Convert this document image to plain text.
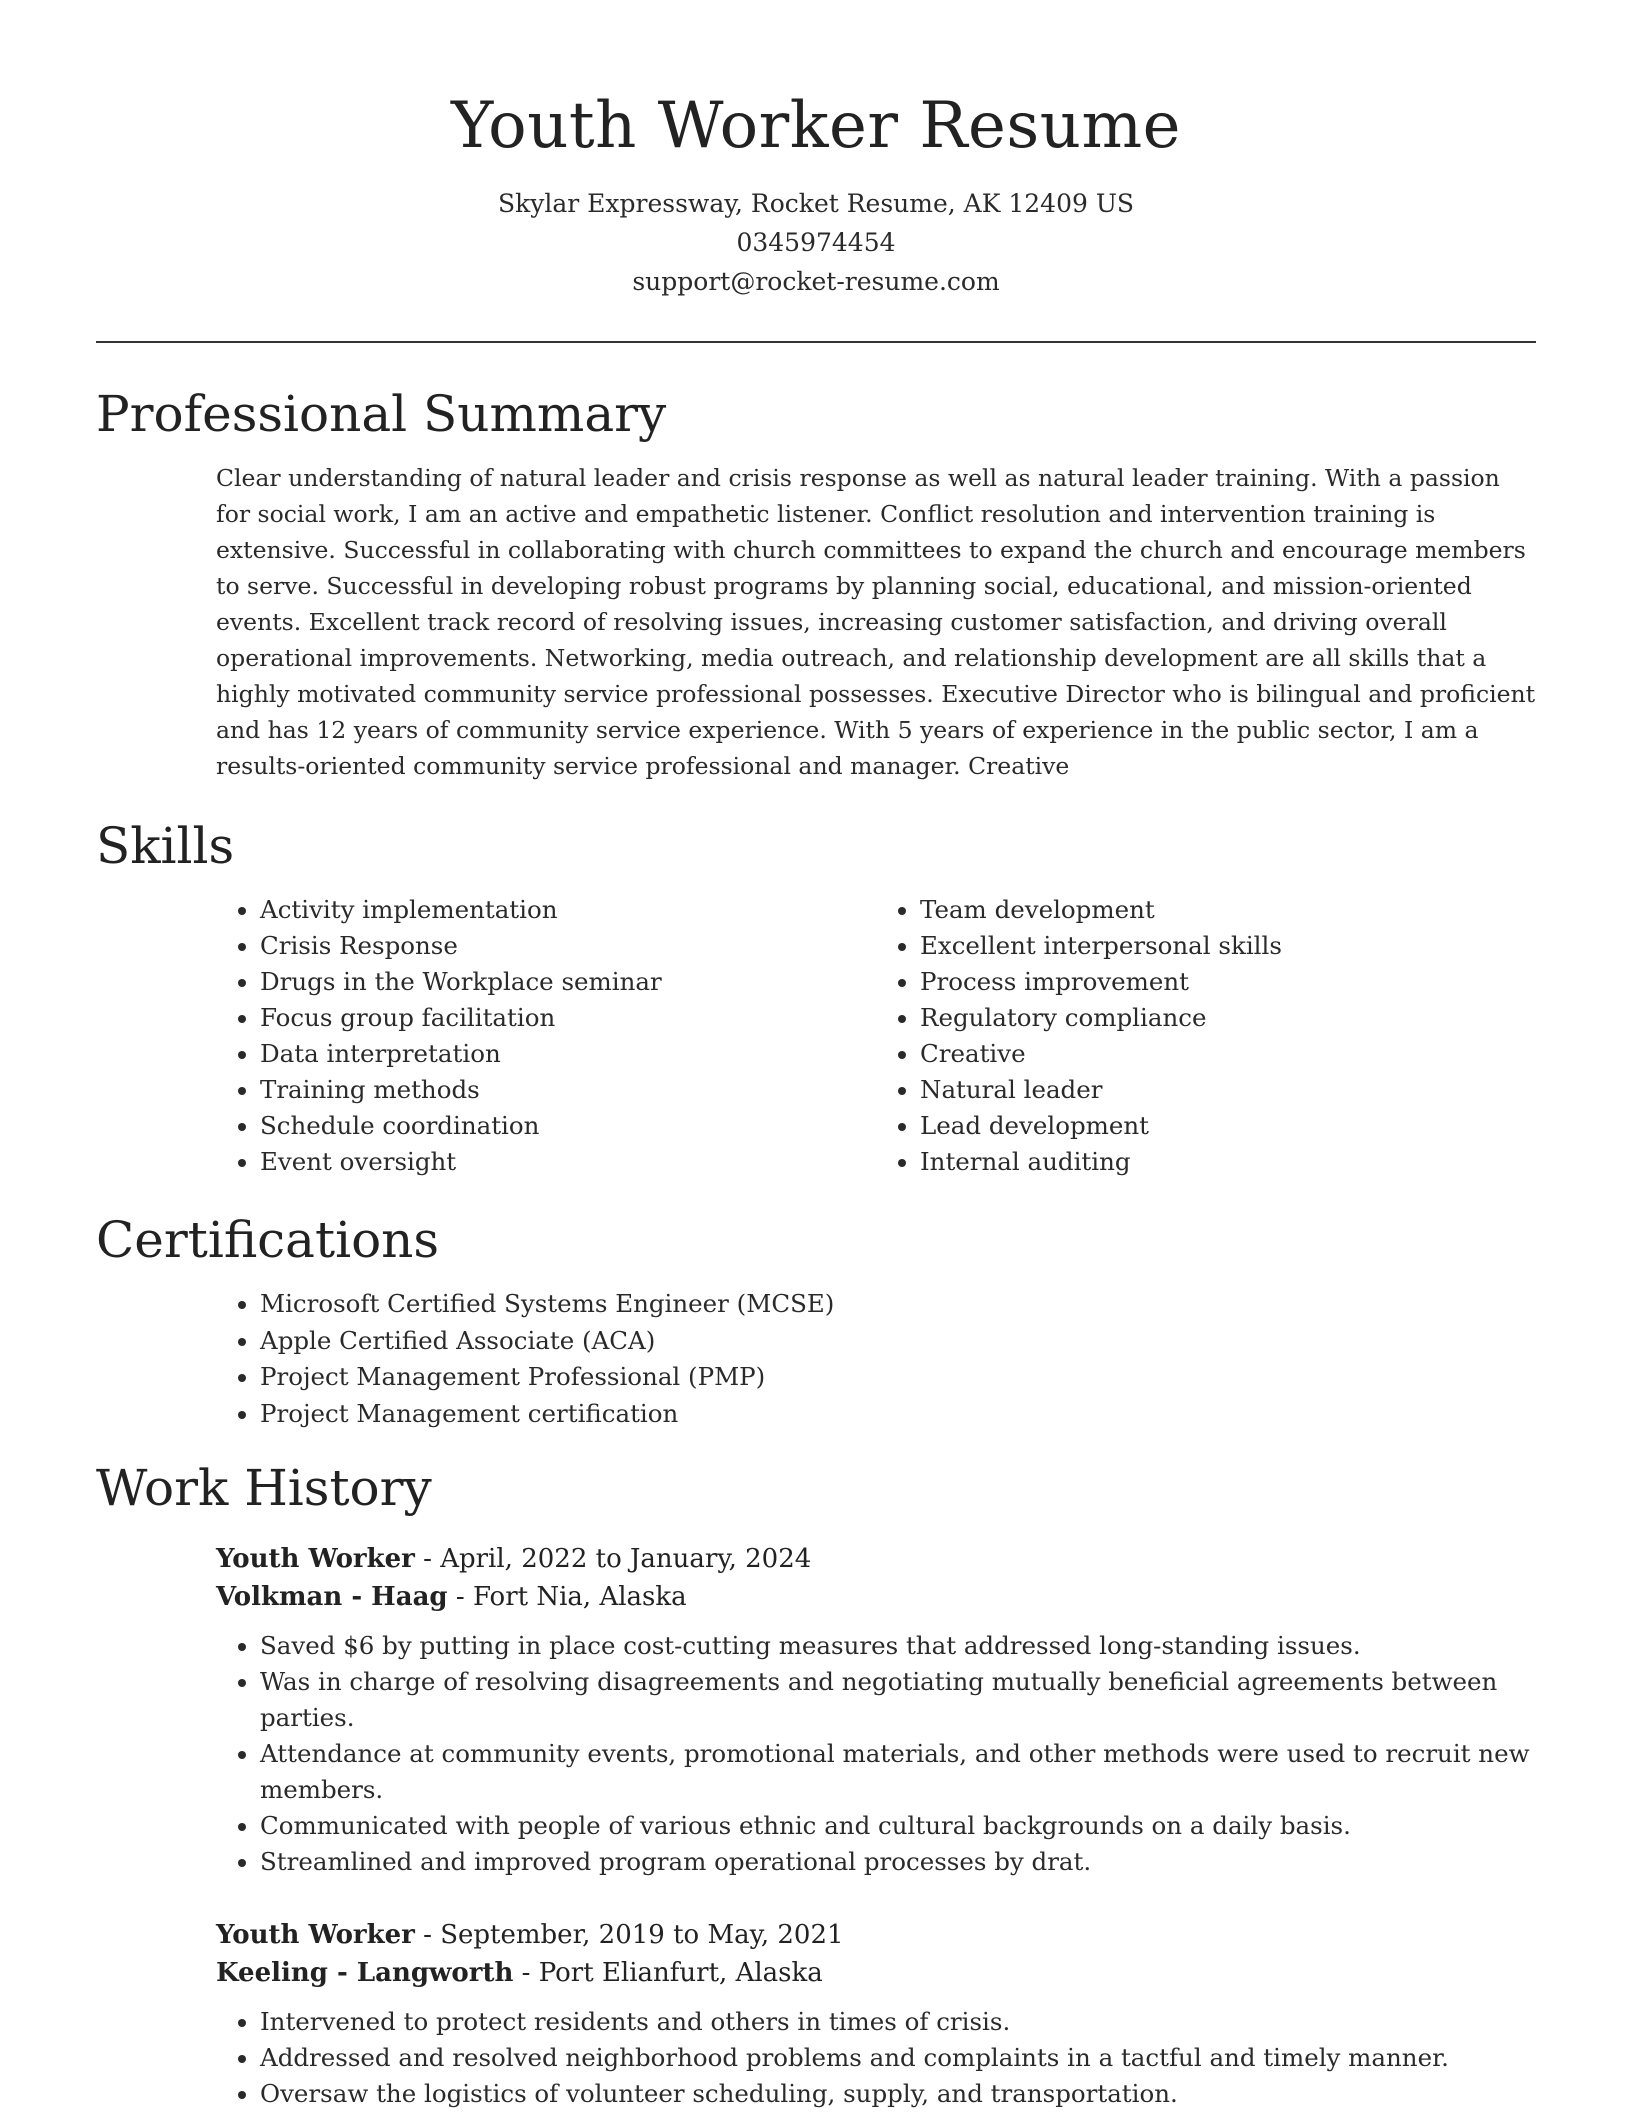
Youth Worker Resume
Skylar Expressway, Rocket Resume, AK 12409 US
0345974454
support@rocket-resume.com
Professional Summary
Clear understanding of natural leader and crisis response as well as natural leader training. With a passion for social work, I am an active and empathetic listener. Conflict resolution and intervention training is extensive. Successful in collaborating with church committees to expand the church and encourage members to serve. Successful in developing robust programs by planning social, educational, and mission-oriented events. Excellent track record of resolving issues, increasing customer satisfaction, and driving overall operational improvements. Networking, media outreach, and relationship development are all skills that a highly motivated community service professional possesses. Executive Director who is bilingual and proficient and has 12 years of community service experience. With 5 years of experience in the public sector, I am a results-oriented community service professional and manager. Creative
Skills
• Activity implementation
• Crisis Response
• Drugs in the Workplace seminar
• Focus group facilitation
• Data interpretation
• Training methods
• Schedule coordination
• Event oversight
• Team development
• Excellent interpersonal skills
• Process improvement
• Regulatory compliance
• Creative
• Natural leader
• Lead development
• Internal auditing
Certifications
• Microsoft Certified Systems Engineer (MCSE)
• Apple Certified Associate (ACA)
• Project Management Professional (PMP)
• Project Management certification
Work History
Youth Worker - April, 2022 to January, 2024
Volkman - Haag - Fort Nia, Alaska
• Saved $6 by putting in place cost-cutting measures that addressed long-standing issues.
• Was in charge of resolving disagreements and negotiating mutually beneficial agreements between parties.
• Attendance at community events, promotional materials, and other methods were used to recruit new members.
• Communicated with people of various ethnic and cultural backgrounds on a daily basis.
• Streamlined and improved program operational processes by drat.
Youth Worker - September, 2019 to May, 2021
Keeling - Langworth - Port Elianfurt, Alaska
• Intervened to protect residents and others in times of crisis.
• Addressed and resolved neighborhood problems and complaints in a tactful and timely manner.
• Oversaw the logistics of volunteer scheduling, supply, and transportation.
